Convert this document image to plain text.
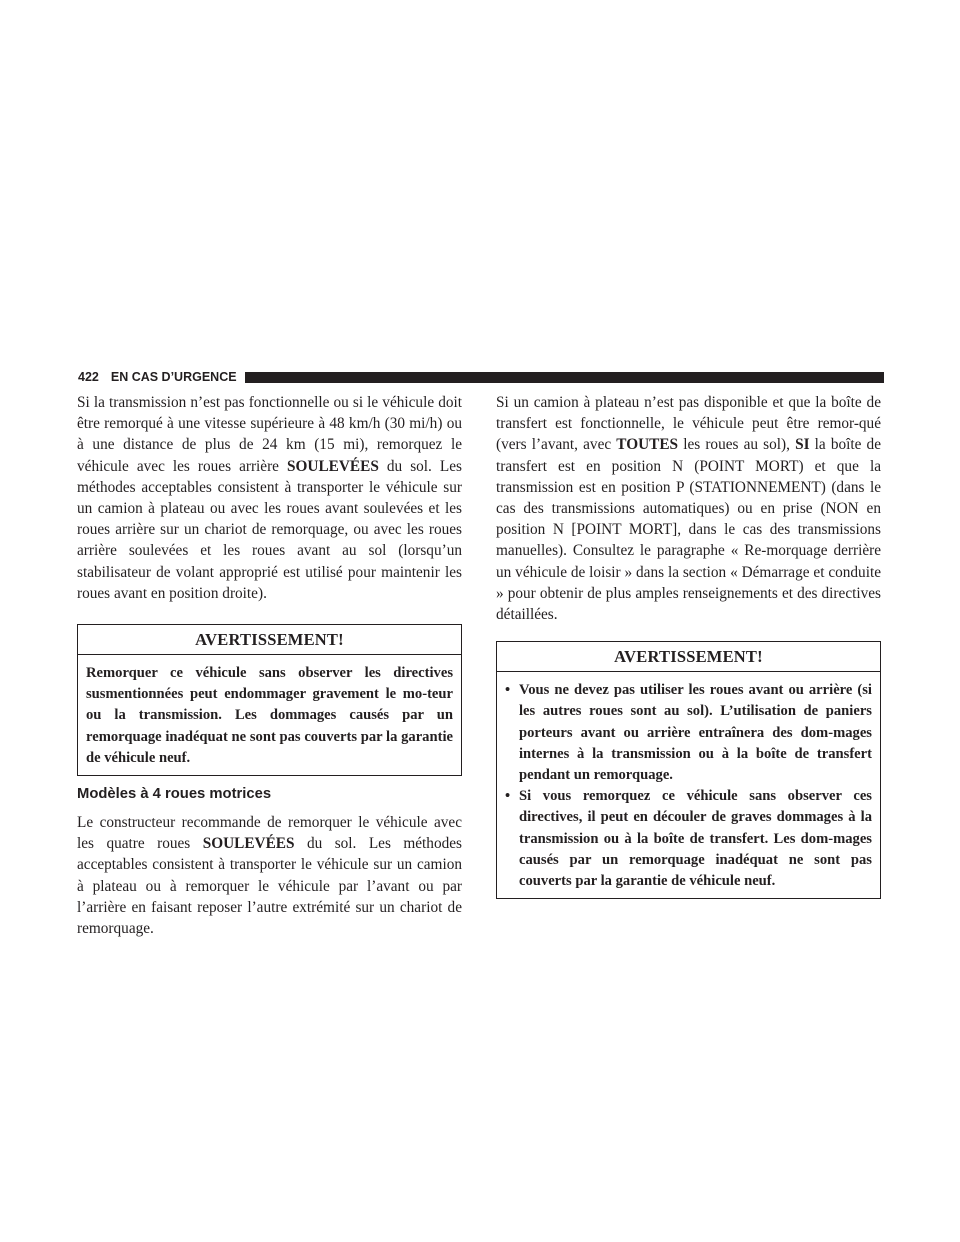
422 EN CAS D’URGENCE

Si la transmission n’est pas fonctionnelle ou si le véhicule doit être remorqué à une vitesse supérieure à 48 km/h (30 mi/h) ou à une distance de plus de 24 km (15 mi), remorquez le véhicule avec les roues arrière SOULEVÉES du sol. Les méthodes acceptables consistent à transporter le véhicule sur un camion à plateau ou avec les roues avant soulevées et les roues arrière sur un chariot de remorquage, ou avec les roues arrière soulevées et les roues avant au sol (lorsqu’un stabilisateur de volant approprié est utilisé pour maintenir les roues avant en position droite).

AVERTISSEMENT!
Remorquer ce véhicule sans observer les directives susmentionnées peut endommager gravement le mo-teur ou la transmission. Les dommages causés par un remorquage inadéquat ne sont pas couverts par la garantie de véhicule neuf.
Modèles à 4 roues motrices

Le constructeur recommande de remorquer le véhicule avec les quatre roues SOULEVÉES du sol. Les méthodes acceptables consistent à transporter le véhicule sur un camion à plateau ou à remorquer le véhicule par l’avant ou par l’arrière en faisant reposer l’autre extrémité sur un chariot de remorquage.

Si un camion à plateau n’est pas disponible et que la boîte de transfert est fonctionnelle, le véhicule peut être remor-qué (vers l’avant, avec TOUTES les roues au sol), SI la boîte de transfert est en position N (POINT MORT) et que la transmission est en position P (STATIONNEMENT) (dans le cas des transmissions automatiques) ou en prise (NON en position N [POINT MORT], dans le cas des transmissions manuelles). Consultez le paragraphe « Re-morquage derrière un véhicule de loisir » dans la section « Démarrage et conduite » pour obtenir de plus amples renseignements et des directives détaillées.

AVERTISSEMENT!
• Vous ne devez pas utiliser les roues avant ou arrière (si les autres roues sont au sol). L’utilisation de paniers porteurs avant ou arrière entraînera des dom-mages internes à la transmission ou à la boîte de transfert pendant un remorquage.
• Si vous remorquez ce véhicule sans observer ces directives, il peut en découler de graves dommages à la transmission ou à la boîte de transfert. Les dom-mages causés par un remorquage inadéquat ne sont pas couverts par la garantie de véhicule neuf.
